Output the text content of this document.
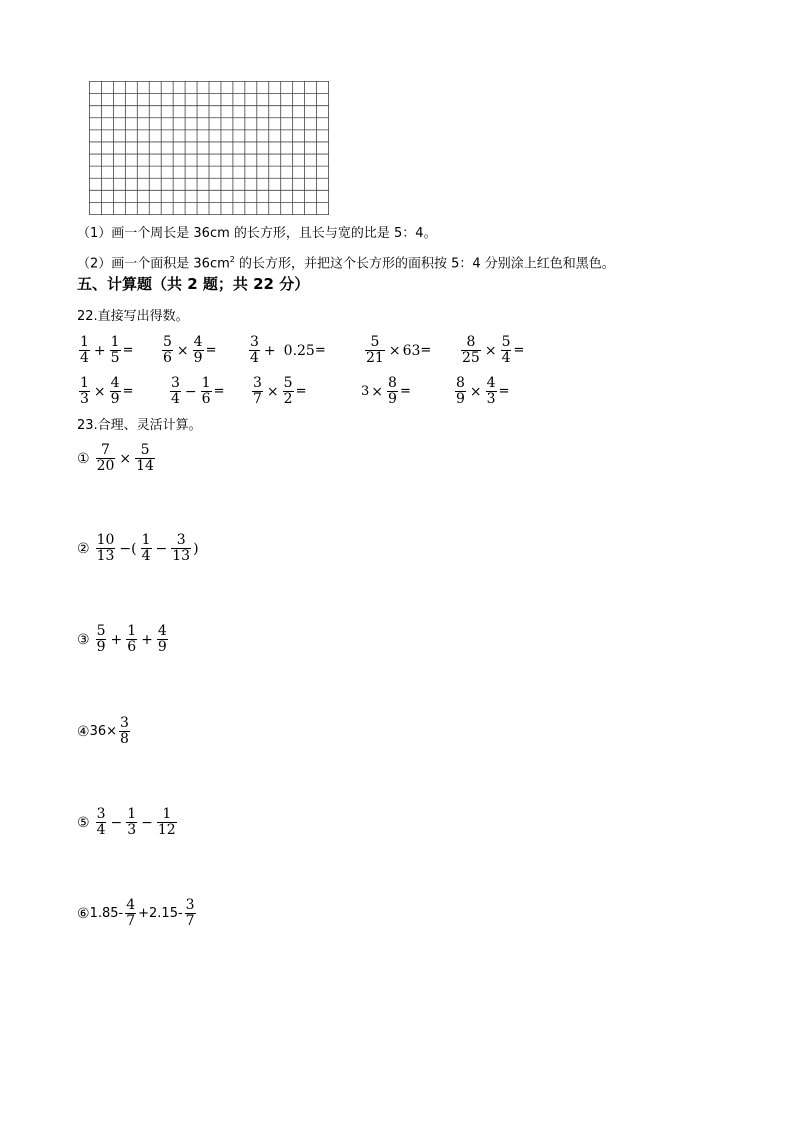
（1）画一个周长是 36cm 的长方形，且长与宽的比是 5：4。
（2）画一个面积是 $36cm^2$ 的长方形，并把这个长方形的面积按 5：4 分别涂上红色和黑色。
五、计算题（共 2 题；共 22 分）
22.直接写出得数。
$\frac{1}{4} + \frac{1}{5} = \frac{5}{6} \times \frac{4}{9} = \frac{3}{4} + 0.25$ =	$\frac{5}{21} \times 63 = \frac{8}{25} \times \frac{5}{4}$ =
$\frac{1}{3} \times \frac{4}{9}$ =	$\frac{3}{4} - \frac{1}{6} = \frac{3}{7} \times \frac{5}{2}$ =	$3 \times \frac{8}{9}$ =	$\frac{8}{9} \times \frac{4}{3}$ =
23.合理、灵活计算。
① $\frac{7}{20} \times \frac{5}{14}$
② $\frac{10}{13}$ −( $\frac{1}{4} - \frac{3}{13}$ )
③ $\frac{5}{9} + \frac{1}{6} + \frac{4}{9}$
④ $36\times \frac{3}{8}$
⑤ $\frac{3}{4} - \frac{1}{3} - \frac{1}{12}$
⑥ $1.85- \frac{4}{7} +2.15- \frac{3}{7}$
